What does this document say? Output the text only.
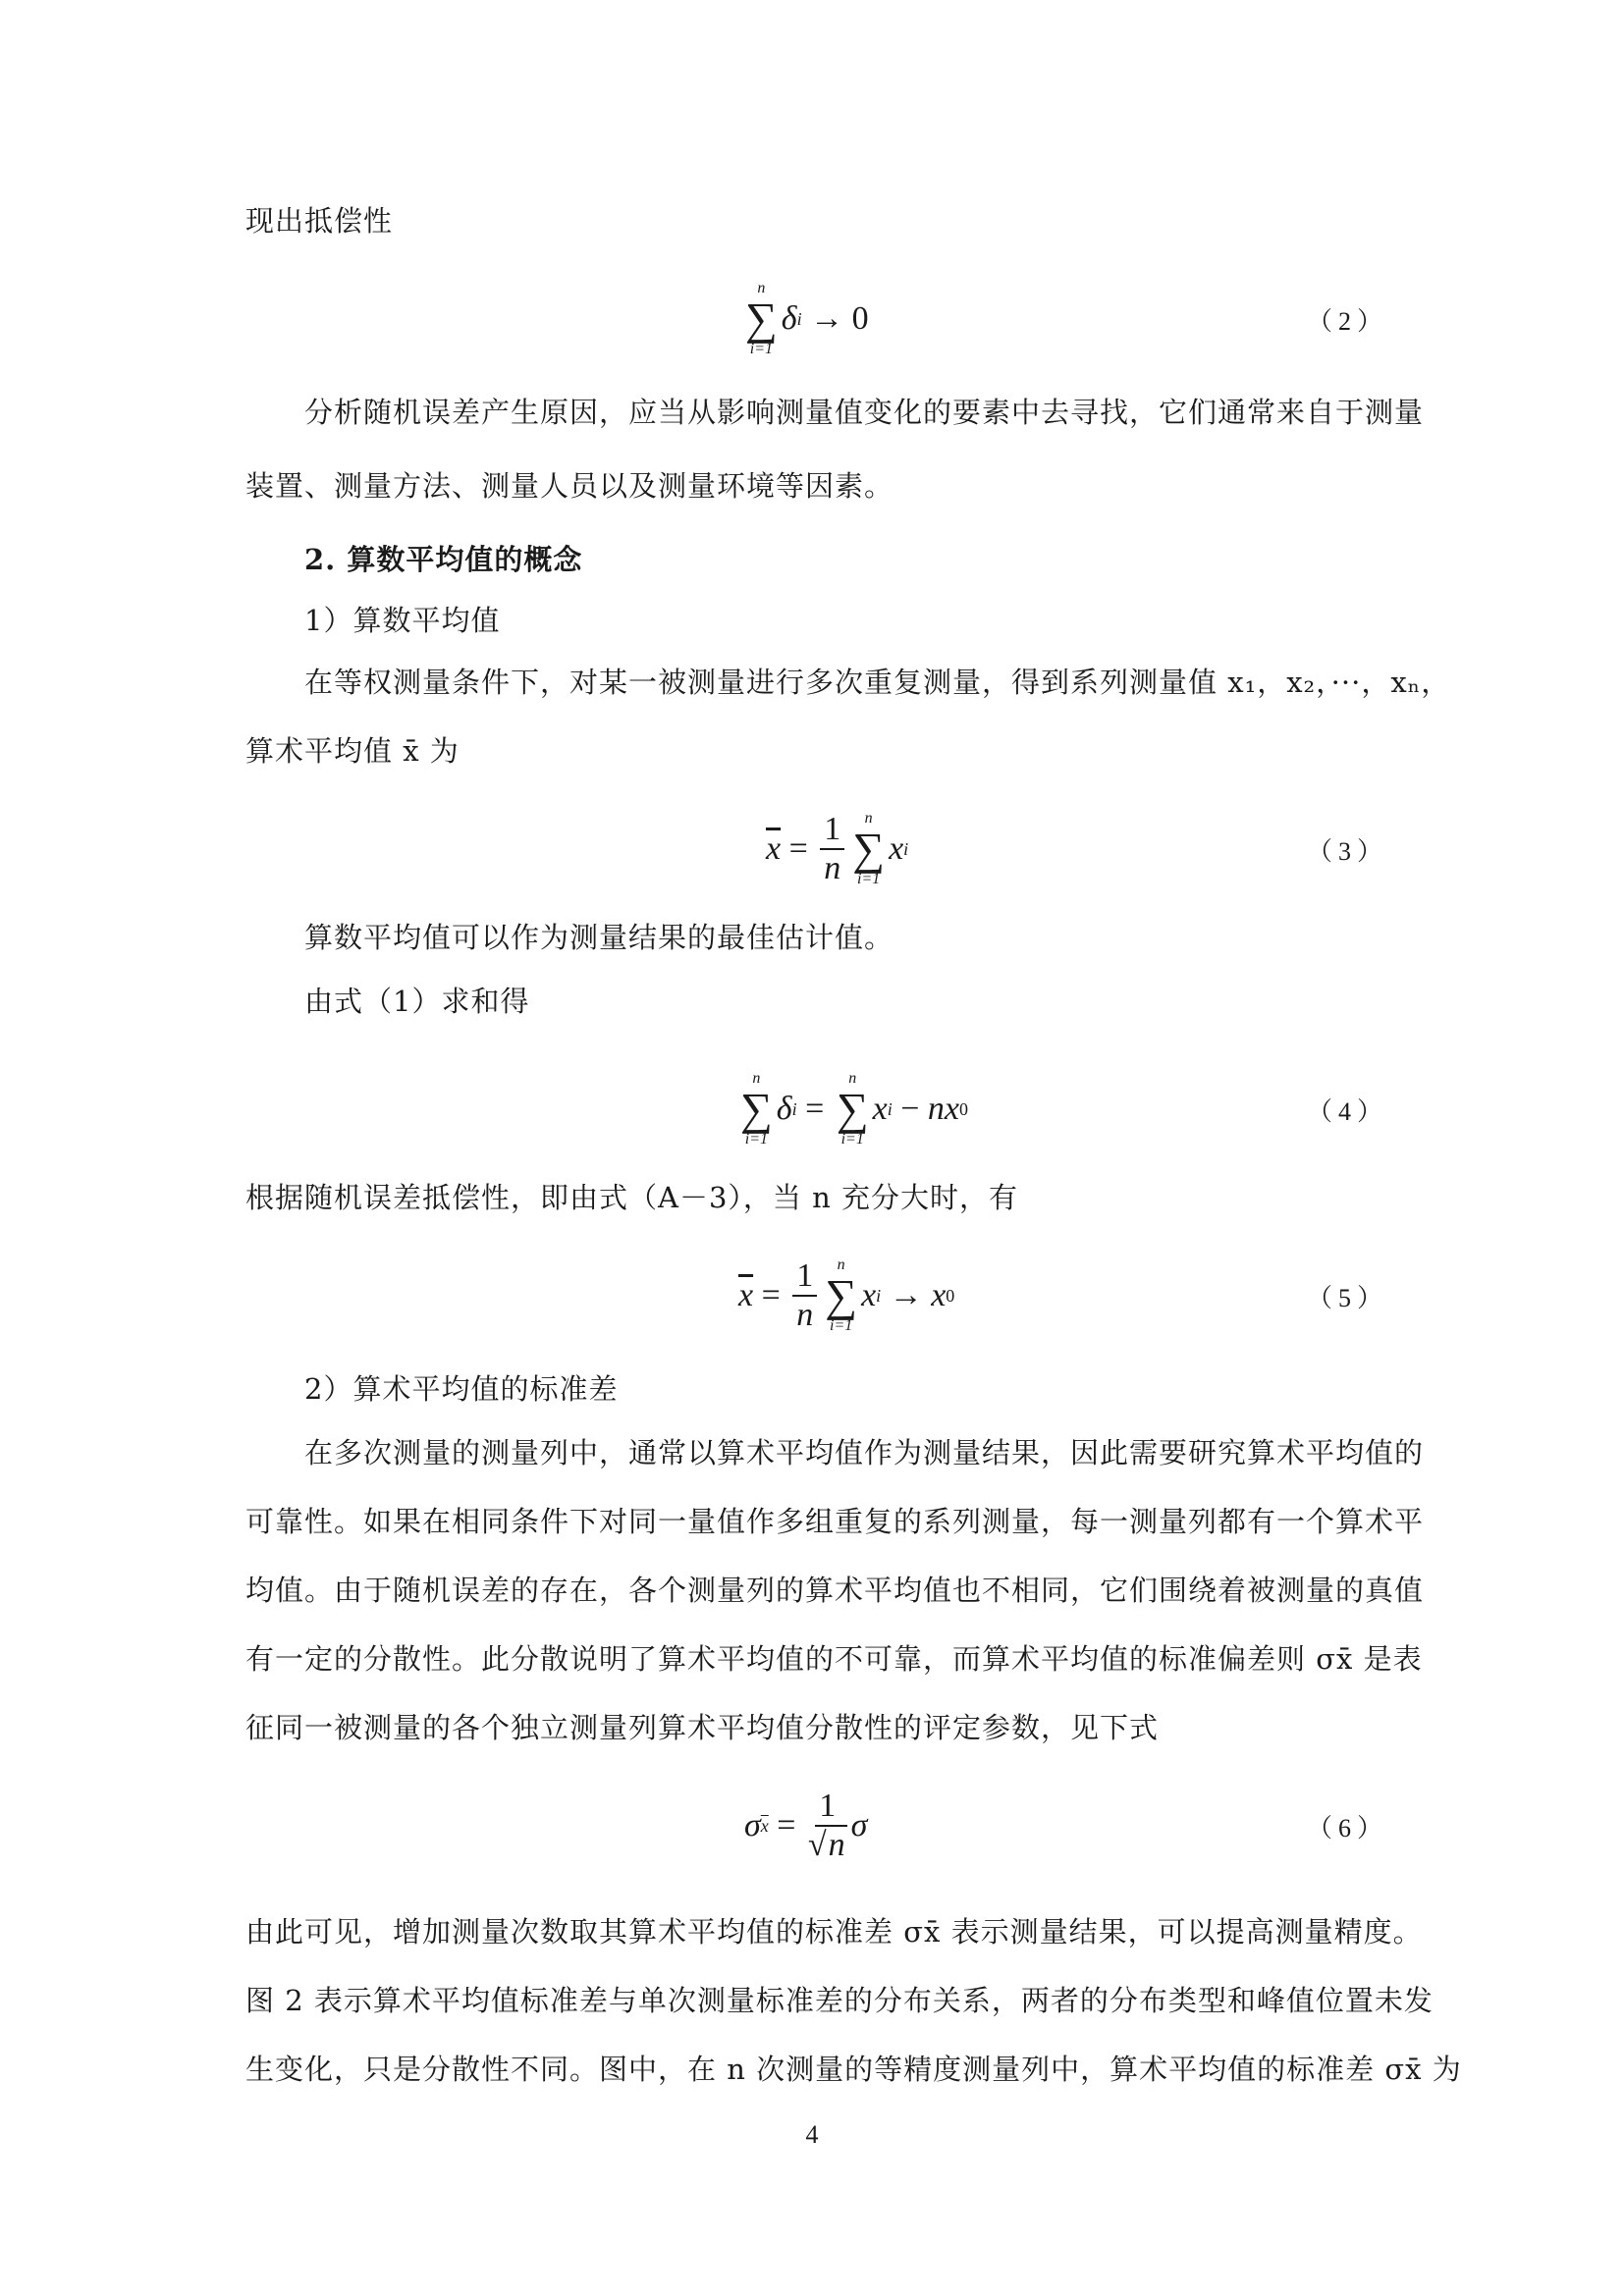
现出抵偿性
n
∑
i=1
δ i → 0	（2）
分析随机误差产生原因，应当从影响测量值变化的要素中去寻找，它们通常来自于测量
装置、测量方法、测量人员以及测量环境等因素。
2. 算数平均值的概念
1）算数平均值
在等权测量条件下，对某一被测量进行多次重复测量，得到系列测量值 x₁，x₂，···，xₙ，
算术平均值 x̄ 为
$\overline{x} = \frac{1}{n}$ n
∑
i=1
x i	（3）
算数平均值可以作为测量结果的最佳估计值。
由式（1）求和得
n
∑
i=1
δ i =
n
∑
i=1
x i − nx 0	（4）
根据随机误差抵偿性，即由式（A－3），当 n 充分大时，有
$\overline{x} = \frac{1}{n}$ n
∑
i=1
x i → x 0	（5）
2）算术平均值的标准差
在多次测量的测量列中，通常以算术平均值作为测量结果，因此需要研究算术平均值的
可靠性。如果在相同条件下对同一量值作多组重复的系列测量，每一测量列都有一个算术平
均值。由于随机误差的存在，各个测量列的算术平均值也不相同，它们围绕着被测量的真值
有一定的分散性。此分散说明了算术平均值的不可靠，而算术平均值的标准偏差则 σx̄ 是表
征同一被测量的各个独立测量列算术平均值分散性的评定参数，见下式
σ $\overline{x} = \frac{1}{√n}$ σ	（6）
由此可见，增加测量次数取其算术平均值的标准差 σx̄ 表示测量结果，可以提高测量精度。
图 2 表示算术平均值标准差与单次测量标准差的分布关系，两者的分布类型和峰值位置未发
生变化，只是分散性不同。图中，在 n 次测量的等精度测量列中，算术平均值的标准差 σx̄ 为
4
